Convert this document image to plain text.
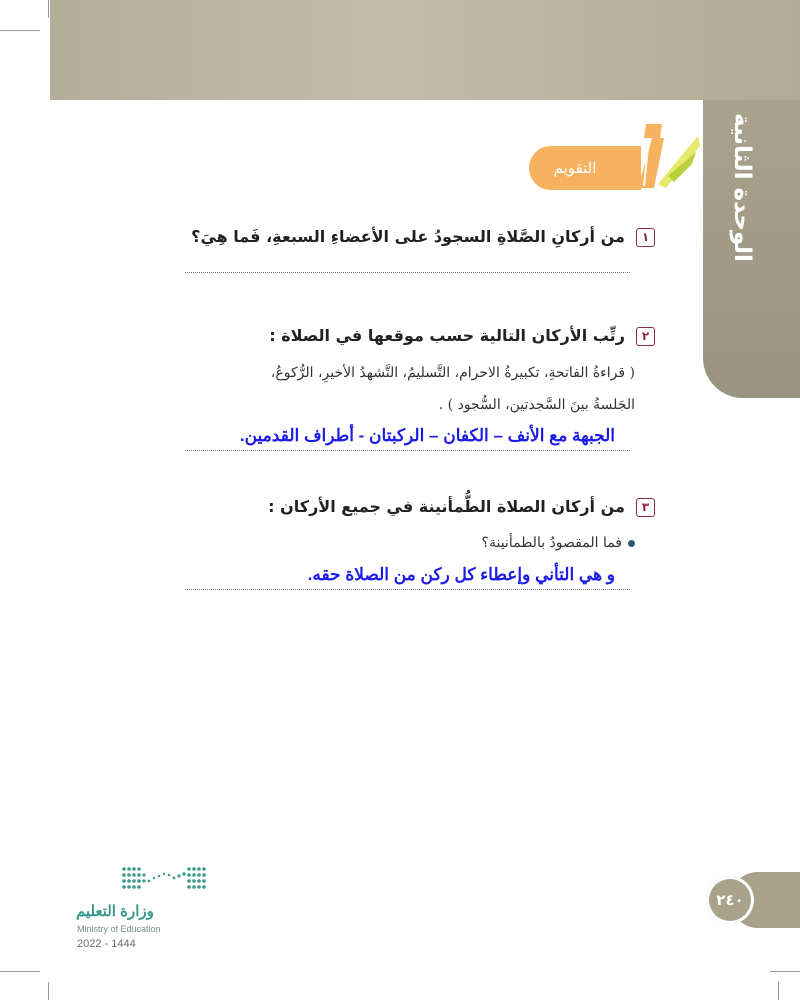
الوحدة الثانية
التقويم
١ من أركانِ الصَّلاةِ السجودُ على الأعضاءِ السبعةِ، فَما هِيَ؟
٢ رتِّب الأركان التالية حسب موقعها في الصلاة :
( قراءةُ الفاتحةِ، تكبيرةُ الاحرام، التَّسليمُ، التَّشهدُ الأخيرِ، الرُّكوعُ،
الجَلسةُ بينَ السَّجدتين، السُّجود ) .
الجبهة مع الأنف – الكفان – الركبتان - أطراف القدمين.
٣ من أركان الصلاة الطُّمأنينة في جميع الأركان :
فما المقصودُ بالطمأنينة؟
و هي التأني وإعطاء كل ركن من الصلاة حقه.
٢٤٠
وزارة التعليم
Ministry of Education
2022 - 1444
